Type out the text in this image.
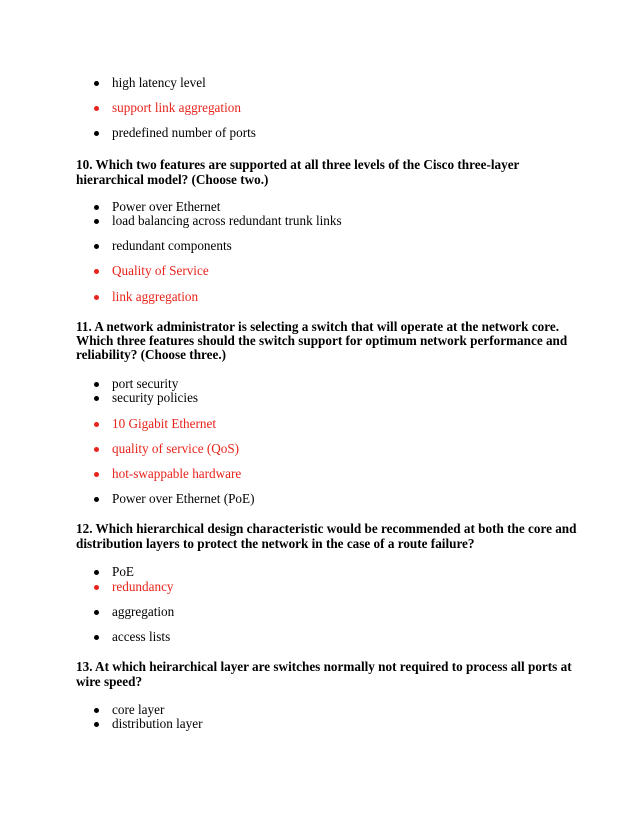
high latency level
support link aggregation
predefined number of ports
10. Which two features are supported at all three levels of the Cisco three-layer
hierarchical model? (Choose two.)
Power over Ethernet
load balancing across redundant trunk links
redundant components
Quality of Service
link aggregation
11. A network administrator is selecting a switch that will operate at the network core.
Which three features should the switch support for optimum network performance and
reliability? (Choose three.)
port security
security policies
10 Gigabit Ethernet
quality of service (QoS)
hot-swappable hardware
Power over Ethernet (PoE)
12. Which hierarchical design characteristic would be recommended at both the core and
distribution layers to protect the network in the case of a route failure?
PoE
redundancy
aggregation
access lists
13. At which heirarchical layer are switches normally not required to process all ports at
wire speed?
core layer
distribution layer
